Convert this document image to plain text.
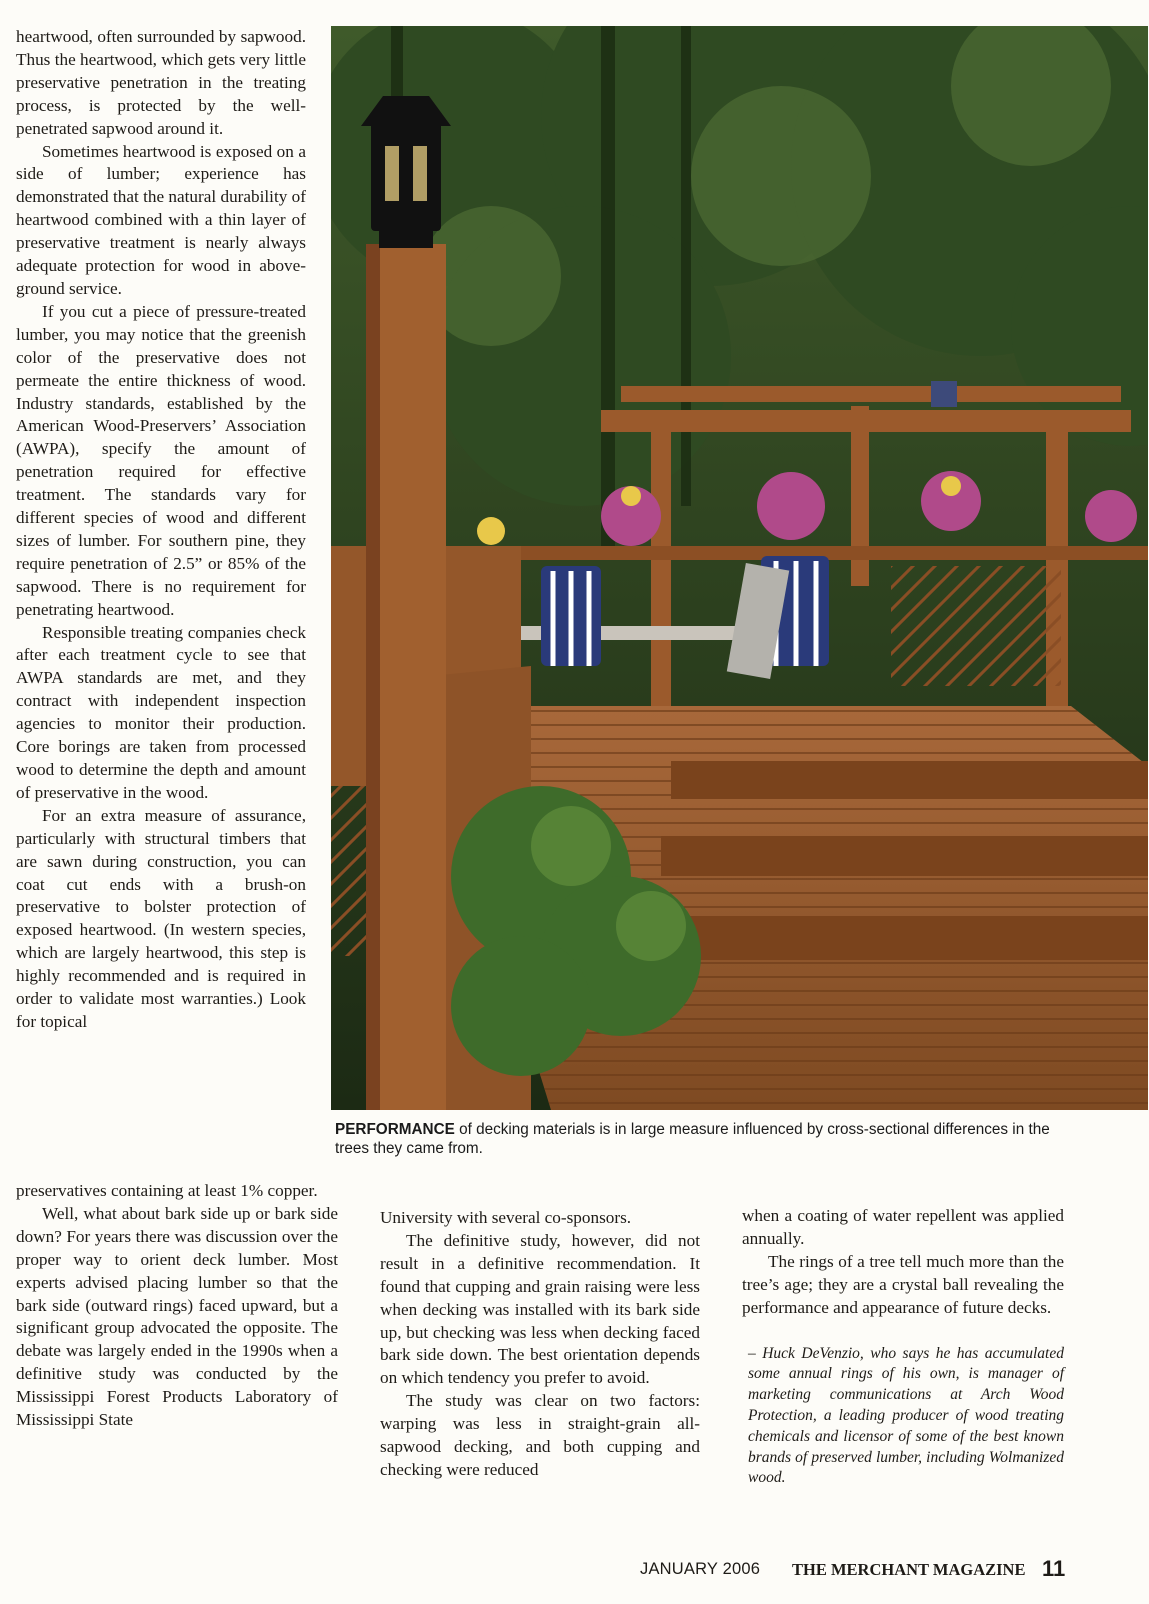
heartwood, often surrounded by sapwood. Thus the heartwood, which gets very little preservative penetration in the treating process, is protected by the well-penetrated sapwood around it.

Sometimes heartwood is exposed on a side of lumber; experience has demonstrated that the natural durability of heartwood combined with a thin layer of preservative treatment is nearly always adequate protection for wood in above-ground service.

If you cut a piece of pressure-treated lumber, you may notice that the greenish color of the preservative does not permeate the entire thickness of wood. Industry standards, established by the American Wood-Preservers’ Association (AWPA), specify the amount of penetration required for effective treatment. The standards vary for different species of wood and different sizes of lumber. For southern pine, they require penetration of 2.5” or 85% of the sapwood. There is no requirement for penetrating heartwood.

Responsible treating companies check after each treatment cycle to see that AWPA standards are met, and they contract with independent inspection agencies to monitor their production. Core borings are taken from processed wood to determine the depth and amount of preservative in the wood.

For an extra measure of assurance, particularly with structural timbers that are sawn during construction, you can coat cut ends with a brush-on preservative to bolster protection of exposed heartwood. (In western species, which are largely heartwood, this step is highly recommended and is required in order to validate most warranties.) Look for topical

PERFORMANCE of decking materials is in large measure influenced by cross-sectional differences in the trees they came from.

preservatives containing at least 1% copper.

Well, what about bark side up or bark side down? For years there was discussion over the proper way to orient deck lumber. Most experts advised placing lumber so that the bark side (outward rings) faced upward, but a significant group advocated the opposite. The debate was largely ended in the 1990s when a definitive study was conducted by the Mississippi Forest Products Laboratory of Mississippi State

University with several co-sponsors.

The definitive study, however, did not result in a definitive recommendation. It found that cupping and grain raising were less when decking was installed with its bark side up, but checking was less when decking faced bark side down. The best orientation depends on which tendency you prefer to avoid.

The study was clear on two factors: warping was less in straight-grain all-sapwood decking, and both cupping and checking were reduced

when a coating of water repellent was applied annually.

The rings of a tree tell much more than the tree’s age; they are a crystal ball revealing the performance and appearance of future decks.

– Huck DeVenzio, who says he has accumulated some annual rings of his own, is manager of marketing communications at Arch Wood Protection, a leading producer of wood treating chemicals and licensor of some of the best known brands of preserved lumber, including Wolmanized wood.

JANUARY 2006 THE MERCHANT MAGAZINE 11
